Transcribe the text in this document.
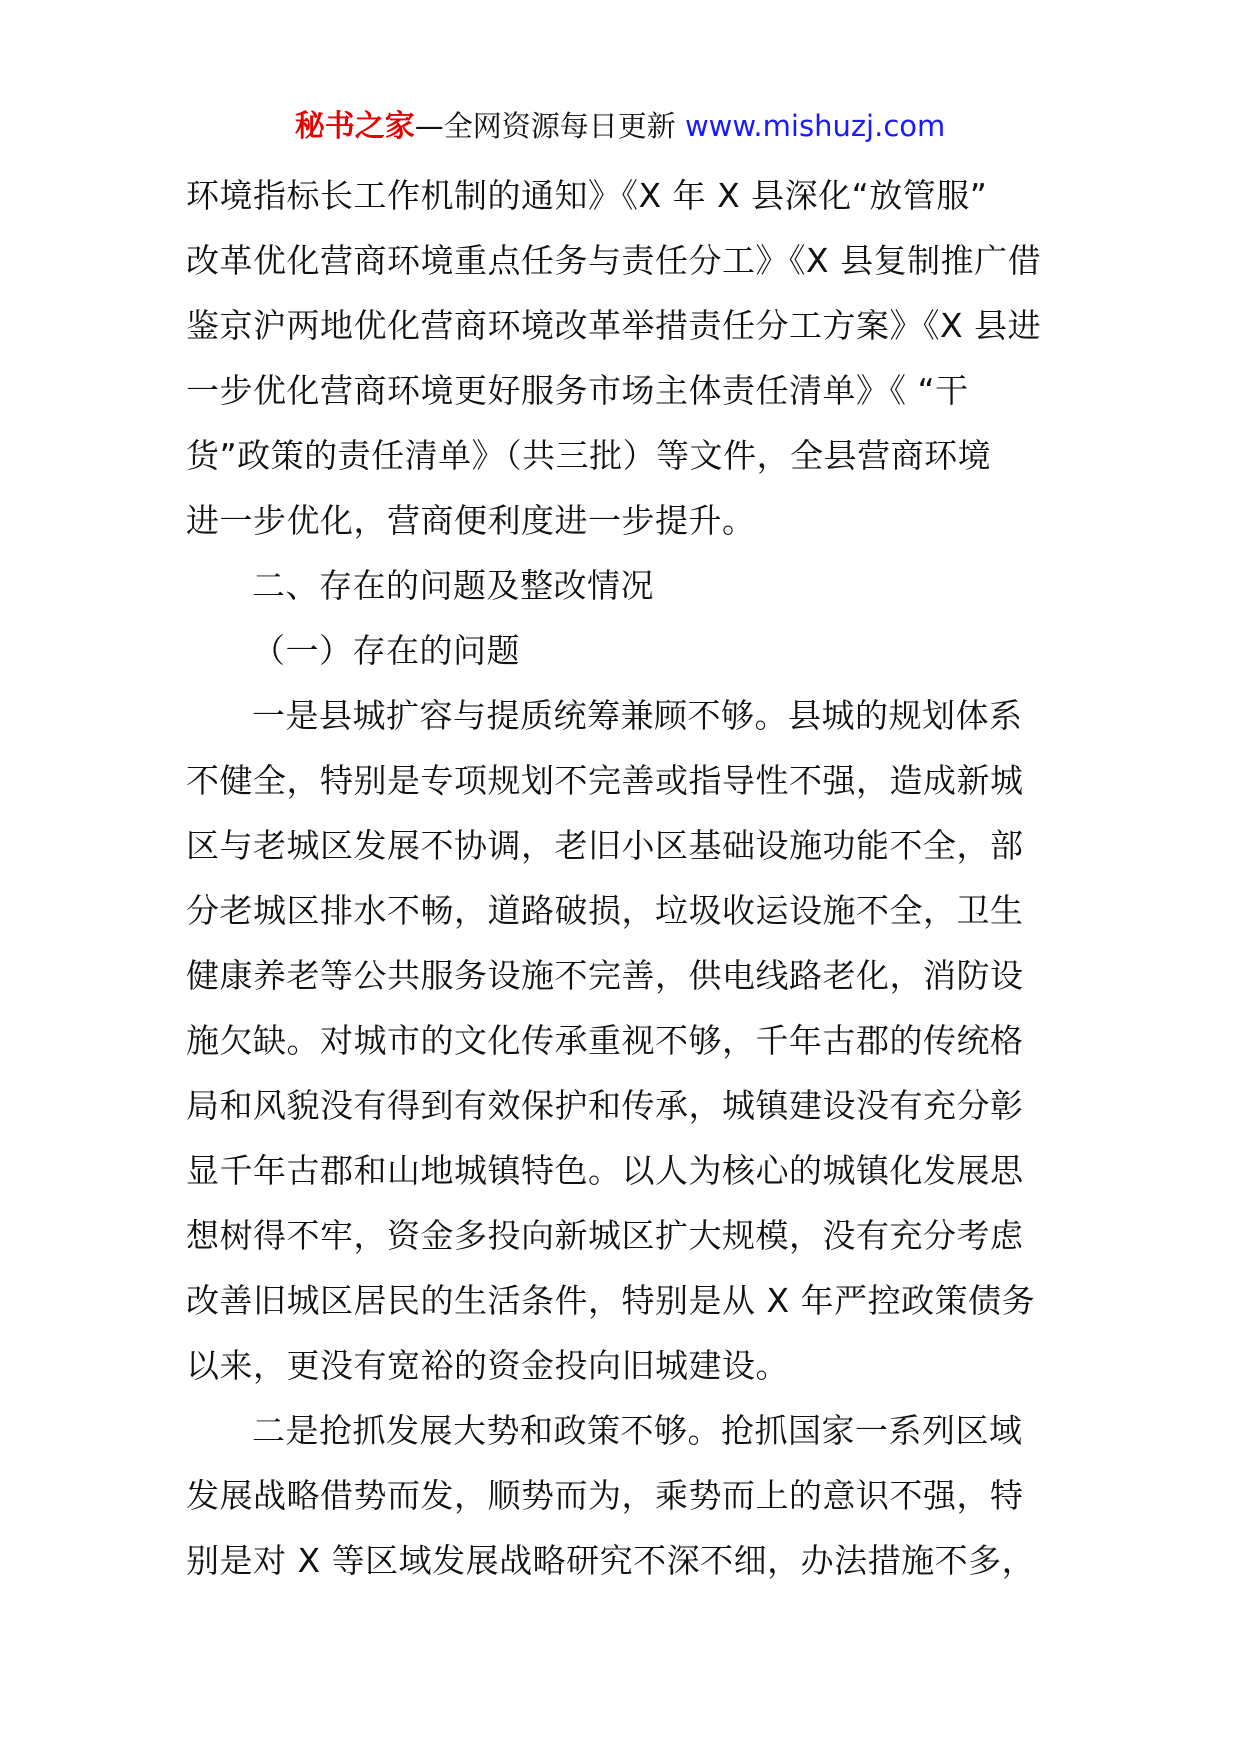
秘书之家—全网资源每日更新 www.mishuzj.com
环境指标长工作机制的通知》《X 年 X 县深化“放管服”
改革优化营商环境重点任务与责任分工》《X 县复制推广借
鉴京沪两地优化营商环境改革举措责任分工方案》《X 县进
一步优化营商环境更好服务市场主体责任清单》《 “干
货”政策的责任清单》（共三批）等文件，全县营商环境
进一步优化，营商便利度进一步提升。
二、存在的问题及整改情况
（一）存在的问题
一是县城扩容与提质统筹兼顾不够。县城的规划体系
不健全，特别是专项规划不完善或指导性不强，造成新城
区与老城区发展不协调，老旧小区基础设施功能不全，部
分老城区排水不畅，道路破损，垃圾收运设施不全，卫生
健康养老等公共服务设施不完善，供电线路老化，消防设
施欠缺。对城市的文化传承重视不够，千年古郡的传统格
局和风貌没有得到有效保护和传承，城镇建设没有充分彰
显千年古郡和山地城镇特色。以人为核心的城镇化发展思
想树得不牢，资金多投向新城区扩大规模，没有充分考虑
改善旧城区居民的生活条件，特别是从 X 年严控政策债务
以来，更没有宽裕的资金投向旧城建设。
二是抢抓发展大势和政策不够。抢抓国家一系列区域
发展战略借势而发，顺势而为，乘势而上的意识不强，特
别是对 X 等区域发展战略研究不深不细，办法措施不多，
